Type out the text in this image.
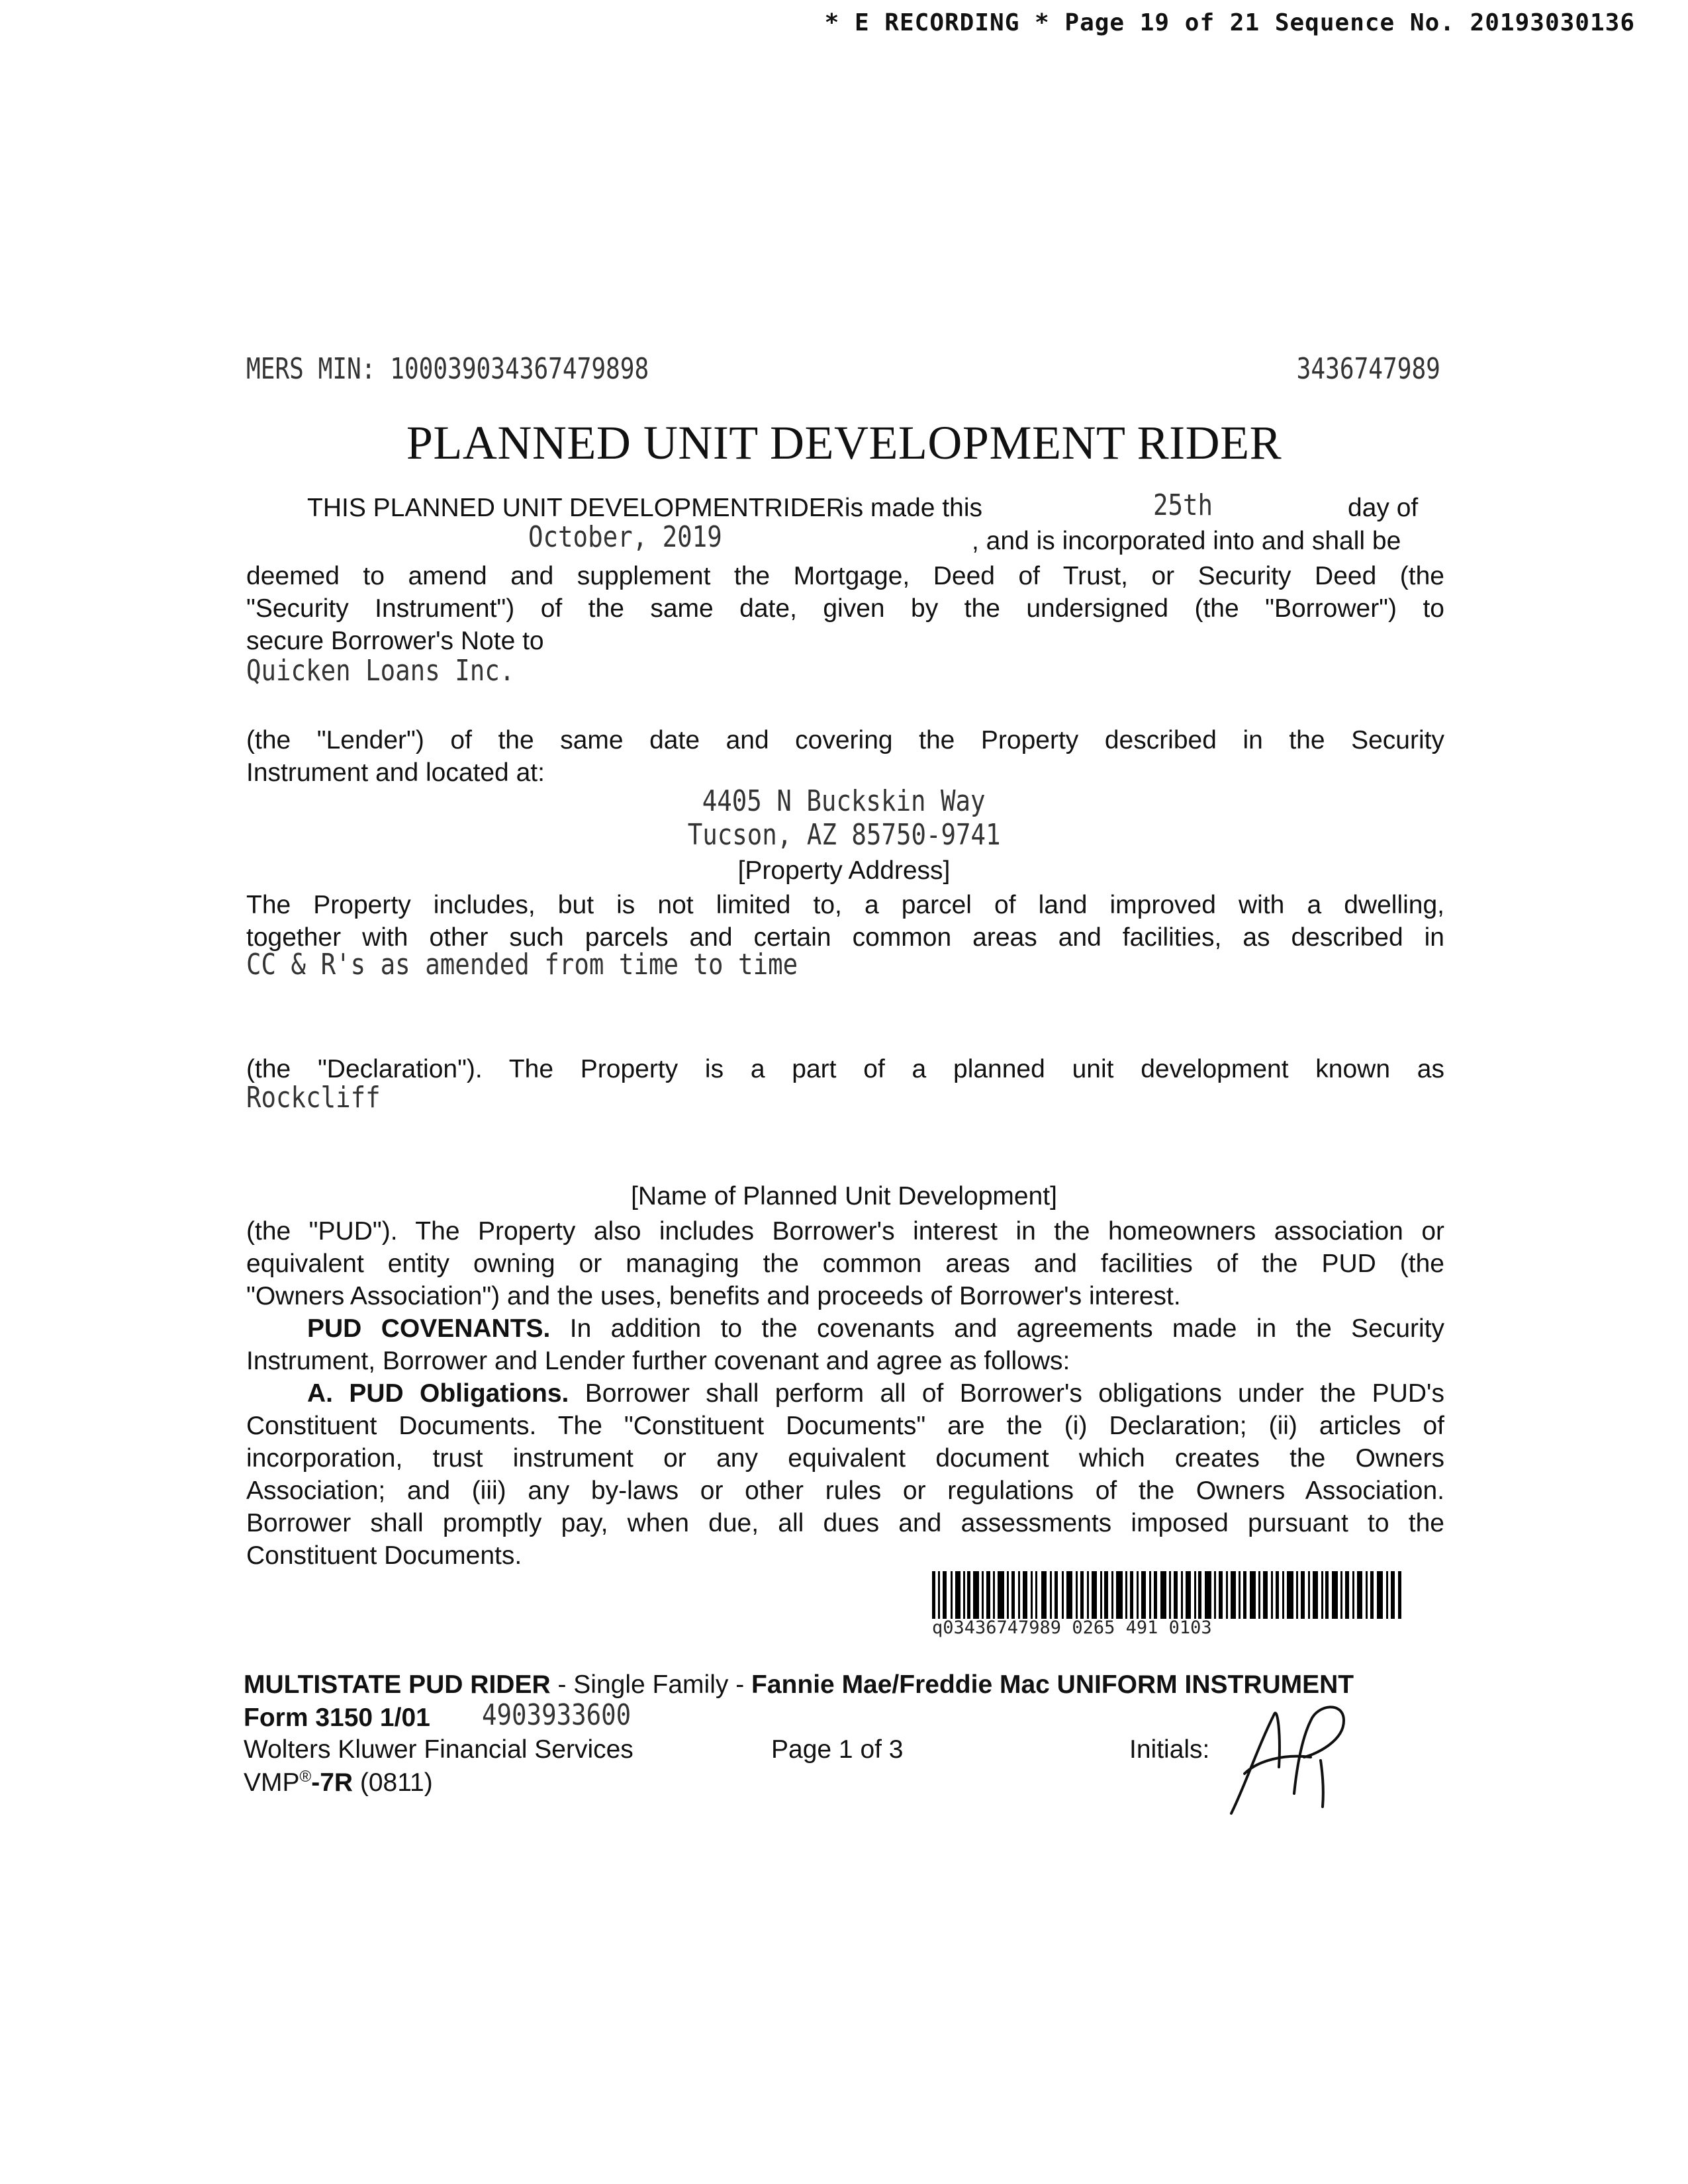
* E RECORDING * Page 19 of 21 Sequence No. 20193030136
MERS MIN: 100039034367479898	3436747989
PLANNED UNIT DEVELOPMENT RIDER
THIS PLANNED UNIT DEVELOPMENTRIDERis made this	25th	day of
October, 2019	, and is incorporated into and shall be
deemed to amend and supplement the Mortgage, Deed of Trust, or Security Deed (the
"Security Instrument") of the same date, given by the undersigned (the "Borrower") to
secure Borrower's Note to
Quicken Loans Inc.
(the "Lender") of the same date and covering the Property described in the Security
Instrument and located at:
4405 N Buckskin Way
Tucson, AZ 85750-9741
[Property Address]
The Property includes, but is not limited to, a parcel of land improved with a dwelling,
together with other such parcels and certain common areas and facilities, as described in
CC & R's as amended from time to time
(the "Declaration"). The Property is a part of a planned unit development known as
Rockcliff
[Name of Planned Unit Development]
(the "PUD"). The Property also includes Borrower's interest in the homeowners association or
equivalent entity owning or managing the common areas and facilities of the PUD (the
"Owners Association") and the uses, benefits and proceeds of Borrower's interest.
PUD COVENANTS. In addition to the covenants and agreements made in the Security
Instrument, Borrower and Lender further covenant and agree as follows:
A. PUD Obligations. Borrower shall perform all of Borrower's obligations under the PUD's
Constituent Documents. The "Constituent Documents" are the (i) Declaration; (ii) articles of
incorporation, trust instrument or any equivalent document which creates the Owners
Association; and (iii) any by-laws or other rules or regulations of the Owners Association.
Borrower shall promptly pay, when due, all dues and assessments imposed pursuant to the
Constituent Documents.
q03436747989 0265 491 0103
MULTISTATE PUD RIDER - Single Family - Fannie Mae/Freddie Mac UNIFORM INSTRUMENT
Form 3150 1/01 4903933600
Wolters Kluwer Financial Services	Page 1 of 3	Initials:
VMP®-7R (0811)
